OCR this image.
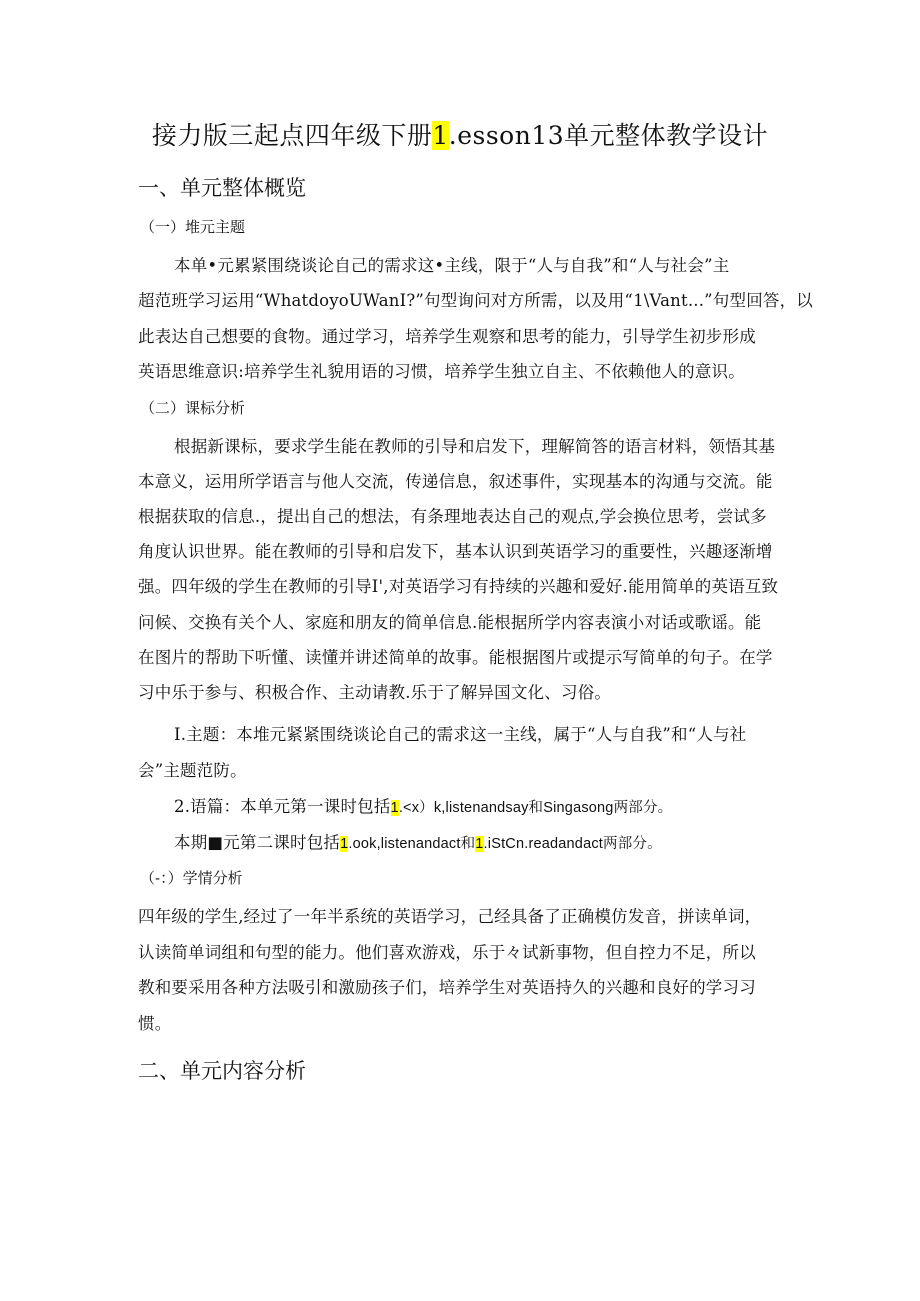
接力版三起点四年级下册1.esson13单元整体教学设计
一、单元整体概览
（一）堆元主题
本单•元累紧围绕谈论自己的需求这•主线，限于“人与自我”和“人与社会”主
超范班学习运用“WhatdoyoUWanI?”句型询问对方所需，以及用“1\Vant...”句型回答，以
此表达自己想要的食物。通过学习，培养学生观察和思考的能力，引导学生初步形成
英语思维意识:培养学生礼貌用语的习惯，培养学生独立自主、不依赖他人的意识。
（二）课标分析
根据新课标，要求学生能在教师的引导和启发下，理解简答的语言材料，领悟其基
本意义，运用所学语言与他人交流，传递信息，叙述事件，实现基本的沟通与交流。能
根据获取的信息.，提出自己的想法，有条理地表达自己的观点,学会换位思考，尝试多
角度认识世界。能在教师的引导和启发下，基本认识到英语学习的重要性，兴趣逐渐增
强。四年级的学生在教师的引导I',对英语学习有持续的兴趣和爱好.能用简单的英语互致
问候、交换有关个人、家庭和朋友的简单信息.能根据所学内容表演小对话或歌谣。能
在图片的帮助下听懂、读懂并讲述简单的故事。能根据图片或提示写简单的句子。在学
习中乐于参与、积极合作、主动请教.乐于了解异国文化、习俗。
I.主题：本堆元紧紧围绕谈论自己的需求这一主线，属于“人与自我”和“人与社
会”主题范防。
2.语篇：本单元第一课时包括1.<x）k,listenandsay和Singasong两部分。
本期■元第二课时包括1.ook,listenandact和1.iStCn.readandact两部分。
（-：）学情分析
四年级的学生,经过了一年半系统的英语学习，己经具备了正确模仿发音，拼读单词，
认读简单词组和句型的能力。他们喜欢游戏，乐于々试新事物，但自控力不足，所以
教和要采用各种方法吸引和激励孩子们，培养学生对英语持久的兴趣和良好的学习习
惯。
二、单元内容分析
